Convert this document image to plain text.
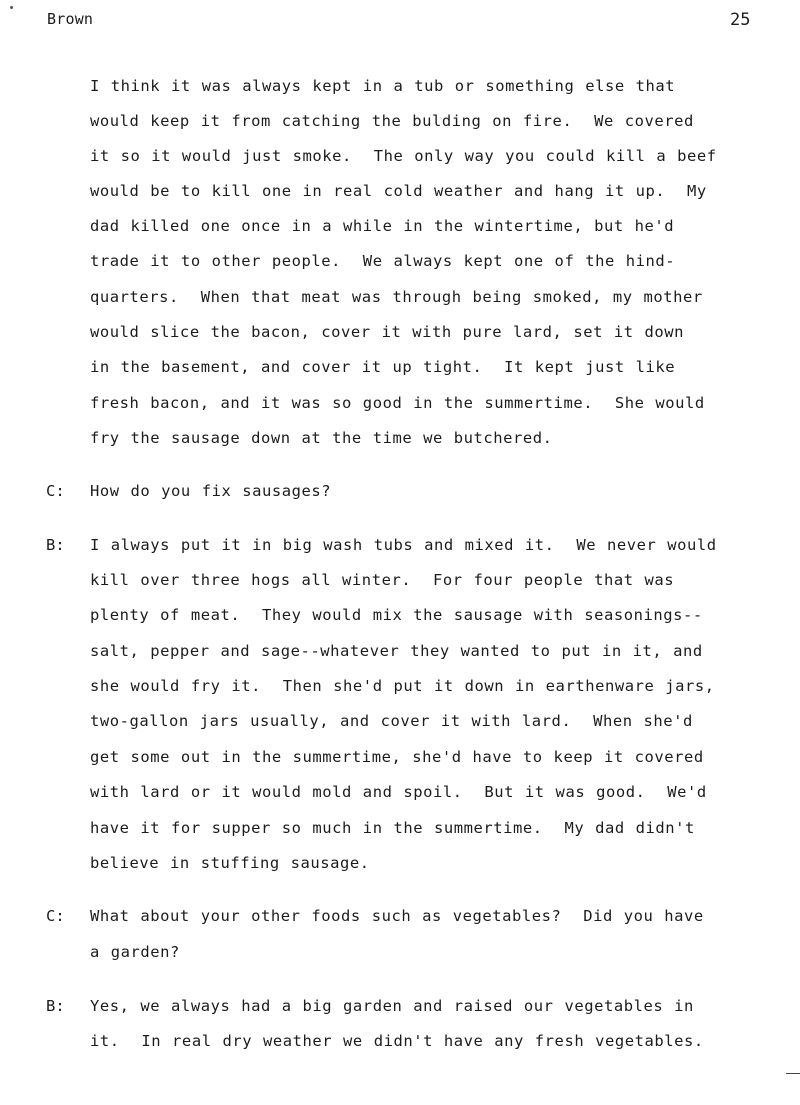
Brown	25
I think it was always kept in a tub or something else that
would keep it from catching the bulding on fire.  We covered
it so it would just smoke.  The only way you could kill a beef
would be to kill one in real cold weather and hang it up.  My
dad killed one once in a while in the wintertime, but he'd
trade it to other people.  We always kept one of the hind-
quarters.  When that meat was through being smoked, my mother
would slice the bacon, cover it with pure lard, set it down
in the basement, and cover it up tight.  It kept just like
fresh bacon, and it was so good in the summertime.  She would
fry the sausage down at the time we butchered.
C: How do you fix sausages?
B: I always put it in big wash tubs and mixed it.  We never would
kill over three hogs all winter.  For four people that was
plenty of meat.  They would mix the sausage with seasonings--
salt, pepper and sage--whatever they wanted to put in it, and
she would fry it.  Then she'd put it down in earthenware jars,
two-gallon jars usually, and cover it with lard.  When she'd
get some out in the summertime, she'd have to keep it covered
with lard or it would mold and spoil.  But it was good.  We'd
have it for supper so much in the summertime.  My dad didn't
believe in stuffing sausage.
C: What about your other foods such as vegetables?  Did you have
a garden?
B: Yes, we always had a big garden and raised our vegetables in
it.  In real dry weather we didn't have any fresh vegetables.
